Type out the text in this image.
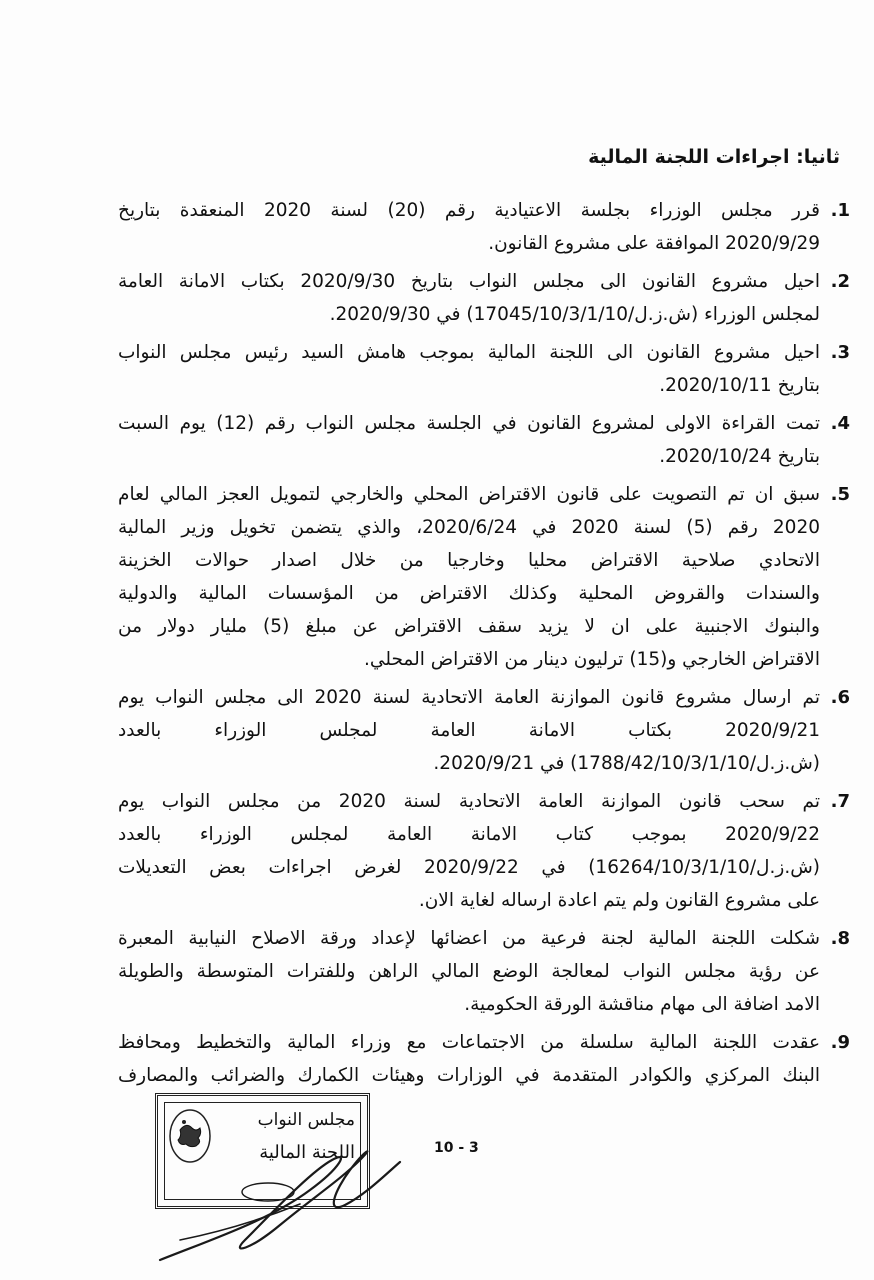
ثانيا: اجراءات اللجنة المالية
.1
قرر مجلس الوزراء بجلسة الاعتيادية رقم (20) لسنة 2020 المنعقدة بتاريخ
2020/9/29 الموافقة على مشروع القانون.
.2
احيل مشروع القانون الى مجلس النواب بتاريخ 2020/9/30 بكتاب الامانة العامة
لمجلس الوزراء (ش.ز.ل/17045/10/3/1/10) في 2020/9/30.
.3
احيل مشروع القانون الى اللجنة المالية بموجب هامش السيد رئيس مجلس النواب
بتاريخ 2020/10/11.
.4
تمت القراءة الاولى لمشروع القانون في الجلسة مجلس النواب رقم (12) يوم السبت
بتاريخ 2020/10/24.
.5
سبق ان تم التصويت على قانون الاقتراض المحلي والخارجي لتمويل العجز المالي لعام
2020 رقم (5) لسنة 2020 في 2020/6/24، والذي يتضمن تخويل وزير المالية
الاتحادي صلاحية الاقتراض محليا وخارجيا من خلال اصدار حوالات الخزينة
والسندات والقروض المحلية وكذلك الاقتراض من المؤسسات المالية والدولية
والبنوك الاجنبية على ان لا يزيد سقف الاقتراض عن مبلغ (5) مليار دولار من
الاقتراض الخارجي و(15) ترليون دينار من الاقتراض المحلي.
.6
تم ارسال مشروع قانون الموازنة العامة الاتحادية لسنة 2020 الى مجلس النواب يوم
2020/9/21 بكتاب الامانة العامة لمجلس الوزراء بالعدد
(ش.ز.ل/1788/42/10/3/1/10) في 2020/9/21.
.7
تم سحب قانون الموازنة العامة الاتحادية لسنة 2020 من مجلس النواب يوم
2020/9/22 بموجب كتاب الامانة العامة لمجلس الوزراء بالعدد
(ش.ز.ل/16264/10/3/1/10) في 2020/9/22 لغرض اجراءات بعض التعديلات
على مشروع القانون ولم يتم اعادة ارساله لغاية الان.
.8
شكلت اللجنة المالية لجنة فرعية من اعضائها لإعداد ورقة الاصلاح النيابية المعبرة
عن رؤية مجلس النواب لمعالجة الوضع المالي الراهن وللفترات المتوسطة والطويلة
الامد اضافة الى مهام مناقشة الورقة الحكومية.
.9
عقدت اللجنة المالية سلسلة من الاجتماعات مع وزراء المالية والتخطيط ومحافظ
البنك المركزي والكوادر المتقدمة في الوزارات وهيئات الكمارك والضرائب والمصارف
مجلس النواب
اللجنة المالية	10 - 3
